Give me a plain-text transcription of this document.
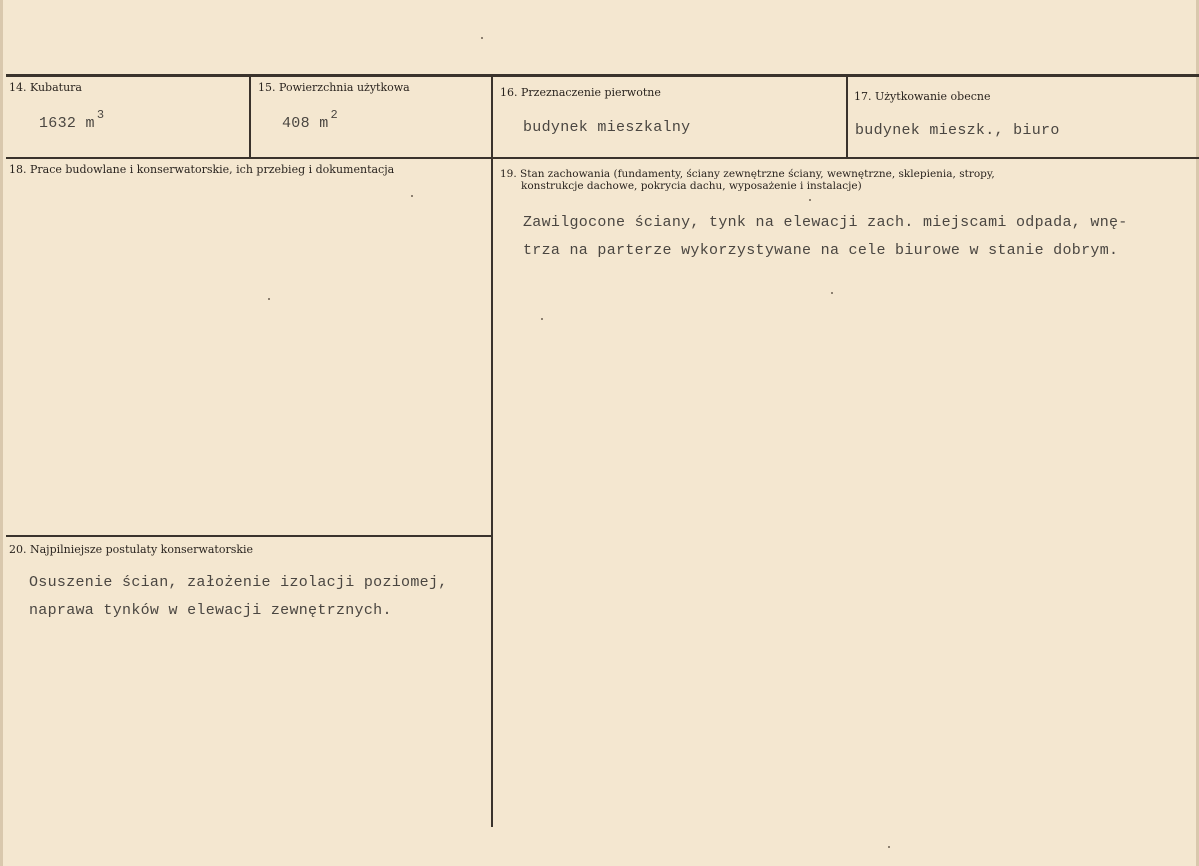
14. Kubatura
1632 m $^3$
15. Powierzchnia użytkowa
408 m $^2$
16. Przeznaczenie pierwotne
budynek mieszkalny
17. Użytkowanie obecne
budynek mieszk., biuro
18. Prace budowlane i konserwatorskie, ich przebieg i dokumentacja	19. Stan zachowania (fundamenty, ściany zewnętrzne ściany, wewnętrzne, sklepienia, stropy,
konstrukcje dachowe, pokrycia dachu, wyposażenie i instalacje)
Zawilgocone ściany, tynk na elewacji zach. miejscami odpada, wnę-
trza na parterze wykorzystywane na cele biurowe w stanie dobrym.
20. Najpilniejsze postulaty konserwatorskie
Osuszenie ścian, założenie izolacji poziomej,
naprawa tynków w elewacji zewnętrznych.
